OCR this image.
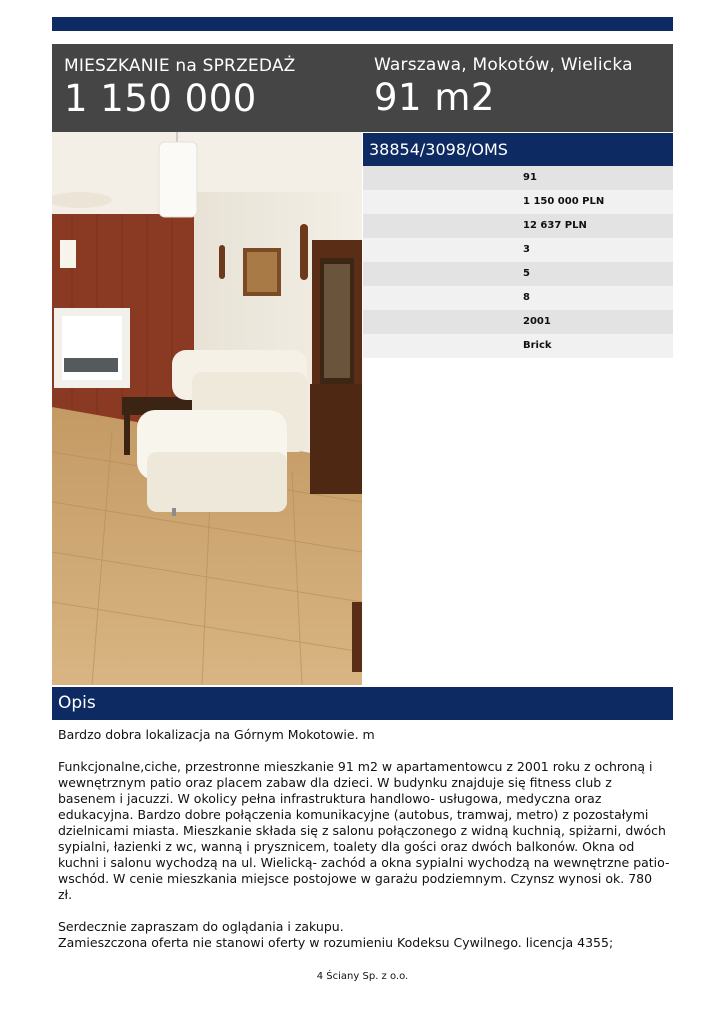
MIESZKANIE na SPRZEDAŻ
1 150 000
Warszawa, Mokotów, Wielicka
91 m2
38854/3098/OMS
91
1 150 000 PLN
12 637 PLN
3
5
8
2001
Brick
Opis

Bardzo dobra lokalizacja na Górnym Mokotowie. m

Funkcjonalne,ciche, przestronne mieszkanie 91 m2 w apartamentowcu z 2001 roku z ochroną i wewnętrznym patio oraz placem zabaw dla dzieci. W budynku znajduje się fitness club z basenem i jacuzzi. W okolicy pełna infrastruktura handlowo- usługowa, medyczna oraz edukacyjna. Bardzo dobre połączenia komunikacyjne (autobus, tramwaj, metro) z pozostałymi dzielnicami miasta. Mieszkanie składa się z salonu połączonego z widną kuchnią, spiżarni, dwóch sypialni, łazienki z wc, wanną i prysznicem, toalety dla gości oraz dwóch balkonów. Okna od kuchni i salonu wychodzą na ul. Wielicką- zachód a okna sypialni wychodzą na wewnętrzne patio- wschód. W cenie mieszkania miejsce postojowe w garażu podziemnym. Czynsz wynosi ok. 780 zł.

Serdecznie zapraszam do oglądania i zakupu.

Zamieszczona oferta nie stanowi oferty w rozumieniu Kodeksu Cywilnego. licencja 4355;

4 Ściany Sp. z o.o.
